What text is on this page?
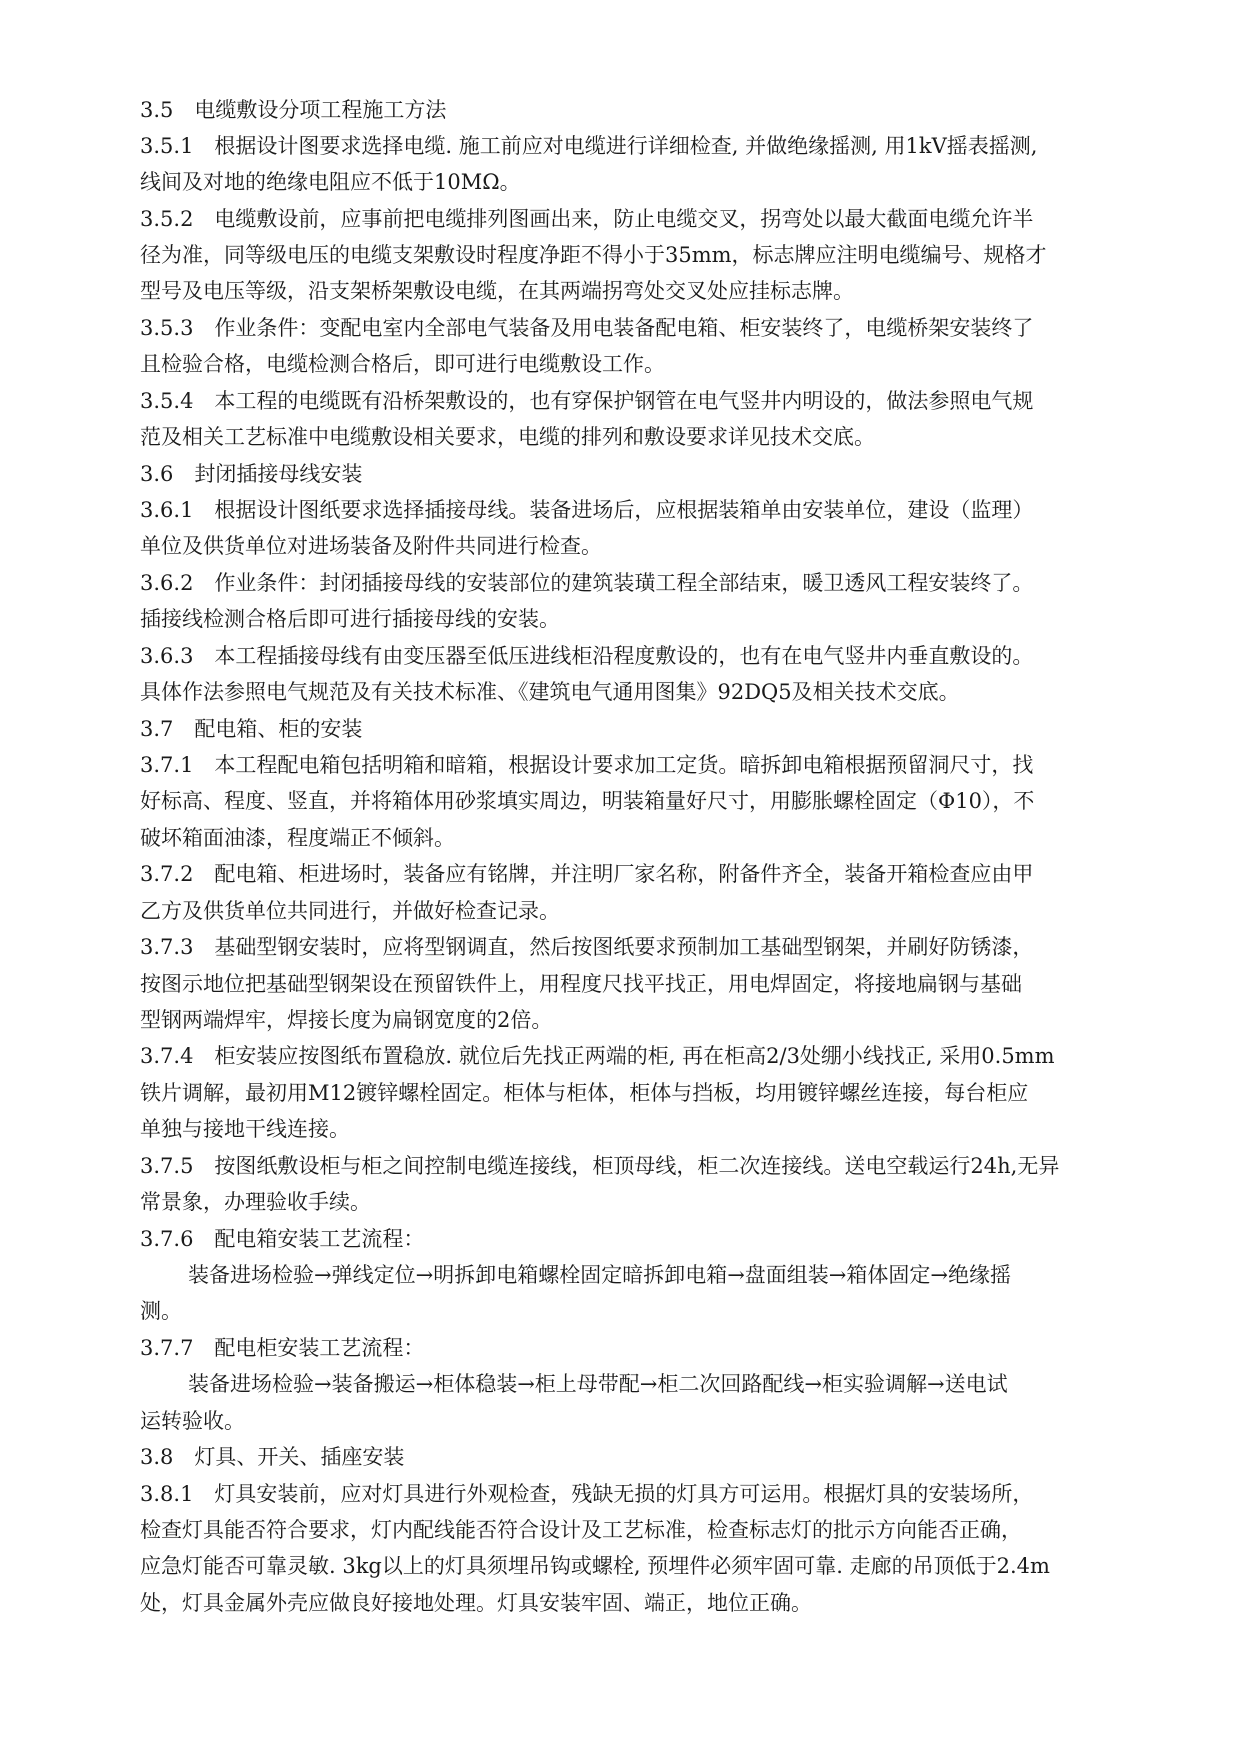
3.5　电缆敷设分项工程施工方法
3.5.1　根据设计图要求选择电缆. 施工前应对电缆进行详细检查, 并做绝缘摇测, 用1kV摇表摇测,
线间及对地的绝缘电阻应不低于10MΩ。
3.5.2　电缆敷设前，应事前把电缆排列图画出来，防止电缆交叉，拐弯处以最大截面电缆允许半
径为准，同等级电压的电缆支架敷设时程度净距不得小于35mm，标志牌应注明电缆编号、规格才
型号及电压等级，沿支架桥架敷设电缆，在其两端拐弯处交叉处应挂标志牌。
3.5.3　作业条件：变配电室内全部电气装备及用电装备配电箱、柜安装终了，电缆桥架安装终了
且检验合格，电缆检测合格后，即可进行电缆敷设工作。
3.5.4　本工程的电缆既有沿桥架敷设的，也有穿保护钢管在电气竖井内明设的，做法参照电气规
范及相关工艺标准中电缆敷设相关要求，电缆的排列和敷设要求详见技术交底。
3.6　封闭插接母线安装
3.6.1　根据设计图纸要求选择插接母线。装备进场后，应根据装箱单由安装单位，建设（监理）
单位及供货单位对进场装备及附件共同进行检查。
3.6.2　作业条件：封闭插接母线的安装部位的建筑装璜工程全部结束，暖卫透风工程安装终了。
插接线检测合格后即可进行插接母线的安装。
3.6.3　本工程插接母线有由变压器至低压进线柜沿程度敷设的，也有在电气竖井内垂直敷设的。
具体作法参照电气规范及有关技术标准、《建筑电气通用图集》92DQ5及相关技术交底。
3.7　配电箱、柜的安装
3.7.1　本工程配电箱包括明箱和暗箱，根据设计要求加工定货。暗拆卸电箱根据预留洞尺寸，找
好标高、程度、竖直，并将箱体用砂浆填实周边，明装箱量好尺寸，用膨胀螺栓固定（Φ10），不
破坏箱面油漆，程度端正不倾斜。
3.7.2　配电箱、柜进场时，装备应有铭牌，并注明厂家名称，附备件齐全，装备开箱检查应由甲
乙方及供货单位共同进行，并做好检查记录。
3.7.3　基础型钢安装时，应将型钢调直，然后按图纸要求预制加工基础型钢架，并刷好防锈漆，
按图示地位把基础型钢架设在预留铁件上，用程度尺找平找正，用电焊固定，将接地扁钢与基础
型钢两端焊牢，焊接长度为扁钢宽度的2倍。
3.7.4　柜安装应按图纸布置稳放. 就位后先找正两端的柜, 再在柜高2/3处绷小线找正, 采用0.5mm
铁片调解，最初用M12镀锌螺栓固定。柜体与柜体，柜体与挡板，均用镀锌螺丝连接，每台柜应
单独与接地干线连接。
3.7.5　按图纸敷设柜与柜之间控制电缆连接线，柜顶母线，柜二次连接线。送电空载运行24h,无异
常景象，办理验收手续。
3.7.6　配电箱安装工艺流程：
装备进场检验→弹线定位→明拆卸电箱螺栓固定暗拆卸电箱→盘面组装→箱体固定→绝缘摇
测。
3.7.7　配电柜安装工艺流程：
装备进场检验→装备搬运→柜体稳装→柜上母带配→柜二次回路配线→柜实验调解→送电试
运转验收。
3.8　灯具、开关、插座安装
3.8.1　灯具安装前，应对灯具进行外观检查，残缺无损的灯具方可运用。根据灯具的安装场所，
检查灯具能否符合要求，灯内配线能否符合设计及工艺标准，检查标志灯的批示方向能否正确，
应急灯能否可靠灵敏. 3kg以上的灯具须埋吊钩或螺栓, 预埋件必须牢固可靠. 走廊的吊顶低于2.4m
处，灯具金属外壳应做良好接地处理。灯具安装牢固、端正，地位正确。
